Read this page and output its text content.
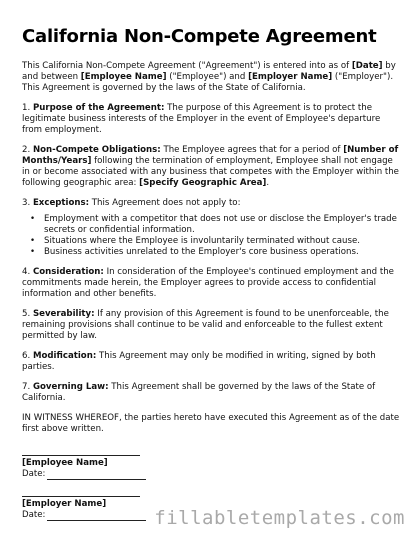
California Non-Compete Agreement

This California Non-Compete Agreement ("Agreement") is entered into as of [Date] by and between [Employee Name] ("Employee") and [Employer Name] ("Employer"). This Agreement is governed by the laws of the State of California.

1. Purpose of the Agreement: The purpose of this Agreement is to protect the legitimate business interests of the Employer in the event of Employee's departure from employment.

2. Non-Compete Obligations: The Employee agrees that for a period of [Number of Months/Years] following the termination of employment, Employee shall not engage in or become associated with any business that competes with the Employer within the following geographic area: [Specify Geographic Area].

3. Exceptions: This Agreement does not apply to:

• Employment with a competitor that does not use or disclose the Employer's trade secrets or confidential information.
• Situations where the Employee is involuntarily terminated without cause.
• Business activities unrelated to the Employer's core business operations.

4. Consideration: In consideration of the Employee's continued employment and the commitments made herein, the Employer agrees to provide access to confidential information and other benefits.

5. Severability: If any provision of this Agreement is found to be unenforceable, the remaining provisions shall continue to be valid and enforceable to the fullest extent permitted by law.

6. Modification: This Agreement may only be modified in writing, signed by both parties.

7. Governing Law: This Agreement shall be governed by the laws of the State of California.

IN WITNESS WHEREOF, the parties hereto have executed this Agreement as of the date first above written.

[Employee Name]
Date:
[Employer Name]
Date:	fillabletemplates.com
